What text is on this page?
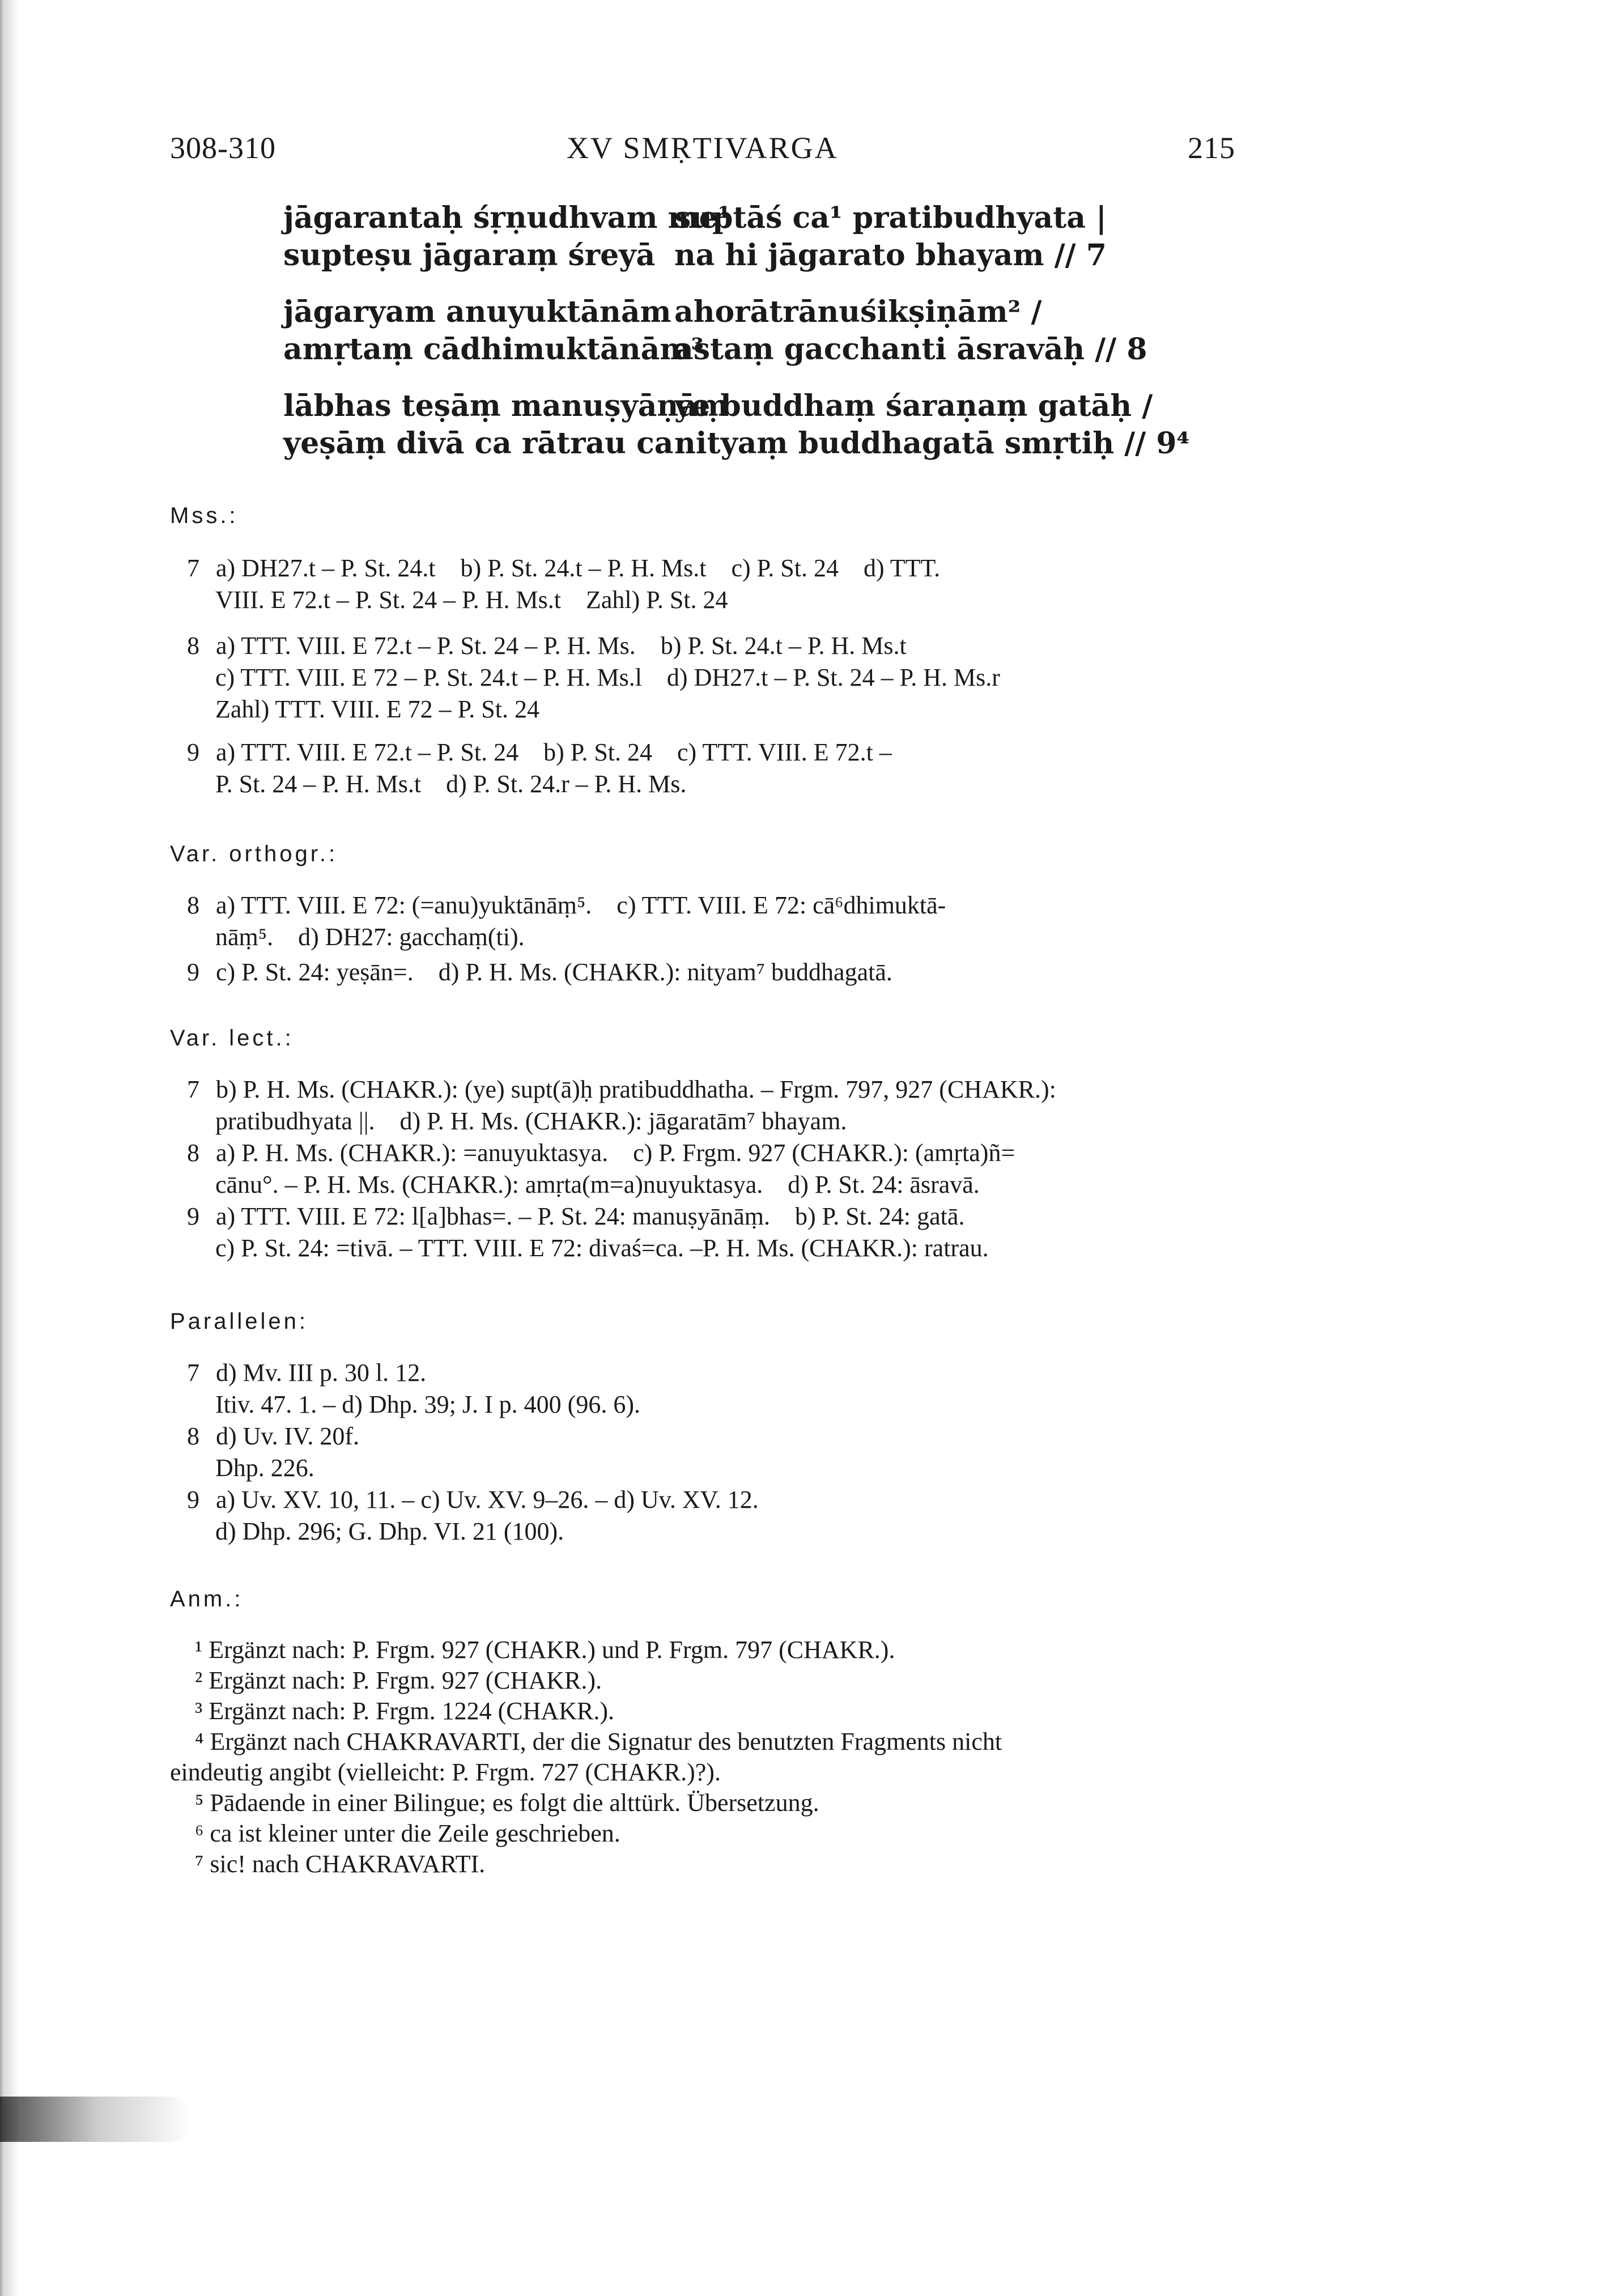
308-310	XV SMṚTIVARGA	215
jāgarantaḥ śṛṇudhvam me¹
suptāś ca¹ pratibudhyata |
supteṣu jāgaraṃ śreyā na hi jāgarato bhayam // 7
jāgaryam anuyuktānām ahorātrānuśikṣiṇām² /
amṛtaṃ cādhimuktānām³
astaṃ gacchanti āsravāḥ // 8
lābhas teṣāṃ manuṣyāṇāṃ
ye buddhaṃ śaraṇaṃ gatāḥ /
yeṣāṃ divā ca rātrau ca nityaṃ buddhagatā smṛtiḥ // 9⁴
Mss.:
7 a) DH27.t – P. St. 24.t    b) P. St. 24.t – P. H. Ms.t    c) P. St. 24    d) TTT.
VIII. E 72.t – P. St. 24 – P. H. Ms.t    Zahl) P. St. 24
8 a) TTT. VIII. E 72.t – P. St. 24 – P. H. Ms.    b) P. St. 24.t – P. H. Ms.t
c) TTT. VIII. E 72 – P. St. 24.t – P. H. Ms.l    d) DH27.t – P. St. 24 – P. H. Ms.r
Zahl) TTT. VIII. E 72 – P. St. 24
9 a) TTT. VIII. E 72.t – P. St. 24    b) P. St. 24    c) TTT. VIII. E 72.t –
P. St. 24 – P. H. Ms.t    d) P. St. 24.r – P. H. Ms.
Var. orthogr.:
8 a) TTT. VIII. E 72: (=anu)yuktānāṃ⁵.    c) TTT. VIII. E 72: cā⁶dhimuktā-
nāṃ⁵.    d) DH27: gacchaṃ(ti).
9 c) P. St. 24: yeṣān=.    d) P. H. Ms. (CHAKR.): nityam⁷ buddhagatā.
Var. lect.:
7 b) P. H. Ms. (CHAKR.): (ye) supt(ā)ḥ pratibuddhatha. – Frgm. 797, 927 (CHAKR.):
pratibudhyata ||.    d) P. H. Ms. (CHAKR.): jāgaratām⁷ bhayam.
8 a) P. H. Ms. (CHAKR.): =anuyuktasya.    c) P. Frgm. 927 (CHAKR.): (amṛta)ñ=
cānu°. – P. H. Ms. (CHAKR.): amṛta(m=a)nuyuktasya.    d) P. St. 24: āsravā.
9 a) TTT. VIII. E 72: l[a]bhas=. – P. St. 24: manuṣyānāṃ.    b) P. St. 24: gatā.
c) P. St. 24: =tivā. – TTT. VIII. E 72: divaś=ca. –P. H. Ms. (CHAKR.): ratrau.
Parallelen:
7 d) Mv. III p. 30 l. 12.
Itiv. 47. 1. – d) Dhp. 39; J. I p. 400 (96. 6).
8 d) Uv. IV. 20f.
Dhp. 226.
9 a) Uv. XV. 10, 11. – c) Uv. XV. 9–26. – d) Uv. XV. 12.
d) Dhp. 296; G. Dhp. VI. 21 (100).
Anm.:
¹ Ergänzt nach: P. Frgm. 927 (CHAKR.) und P. Frgm. 797 (CHAKR.).
² Ergänzt nach: P. Frgm. 927 (CHAKR.).
³ Ergänzt nach: P. Frgm. 1224 (CHAKR.).
⁴ Ergänzt nach CHAKRAVARTI, der die Signatur des benutzten Fragments nicht
eindeutig angibt (vielleicht: P. Frgm. 727 (CHAKR.)?).
⁵ Pādaende in einer Bilingue; es folgt die alttürk. Übersetzung.
⁶ ca ist kleiner unter die Zeile geschrieben.
⁷ sic! nach CHAKRAVARTI.
